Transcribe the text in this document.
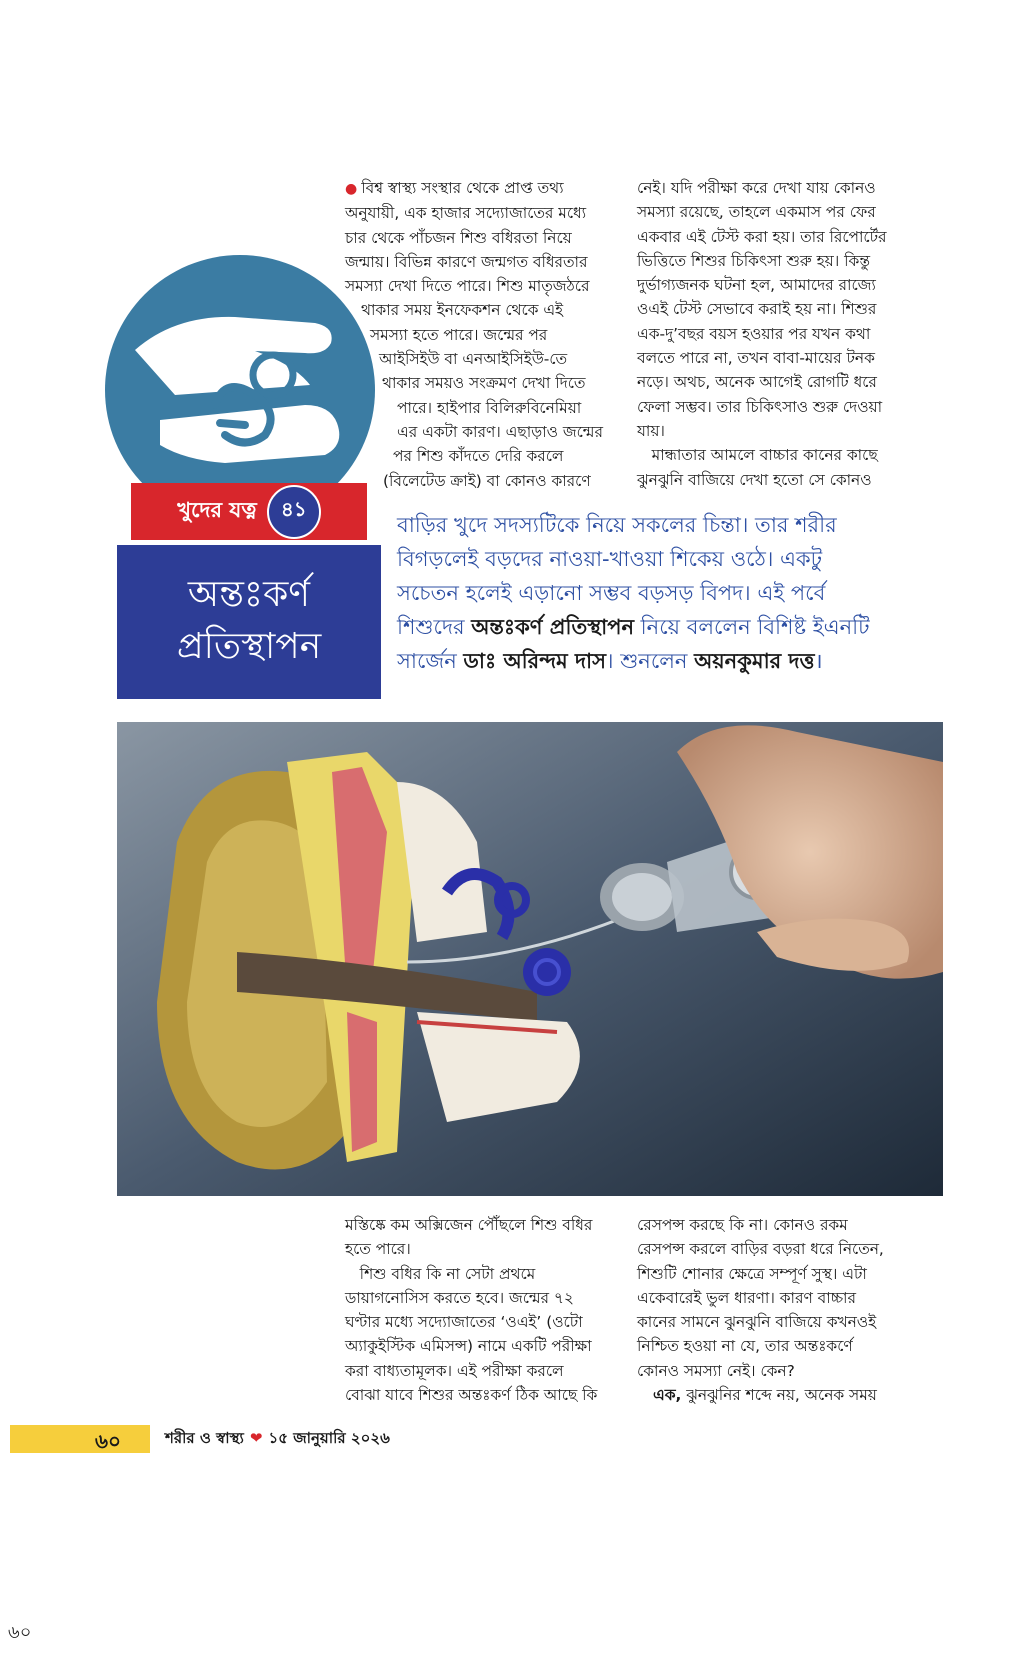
● বিশ্ব স্বাস্থ্য সংস্থার থেকে প্রাপ্ত তথ্য

অনুযায়ী, এক হাজার সদ্যোজাতের মধ্যে

চার থেকে পাঁচজন শিশু বধিরতা নিয়ে

জন্মায়। বিভিন্ন কারণে জন্মগত বধিরতার

সমস্যা দেখা দিতে পারে। শিশু মাতৃজঠরে

থাকার সময় ইনফেকশন থেকে এই

সমস্যা হতে পারে। জন্মের পর

আইসিইউ বা এনআইসিইউ-তে

থাকার সময়ও সংক্রমণ দেখা দিতে

পারে। হাইপার বিলিরুবিনেমিয়া

এর একটা কারণ। এছাড়াও জন্মের

পর শিশু কাঁদতে দেরি করলে

(বিলেটেড ক্রাই) বা কোনও কারণে

নেই। যদি পরীক্ষা করে দেখা যায় কোনও

সমস্যা রয়েছে, তাহলে একমাস পর ফের

একবার এই টেস্ট করা হয়। তার রিপোর্টের

ভিত্তিতে শিশুর চিকিৎসা শুরু হয়। কিন্তু

দুর্ভাগ্যজনক ঘটনা হল, আমাদের রাজ্যে

ওএই টেস্ট সেভাবে করাই হয় না। শিশুর

এক-দু’বছর বয়স হওয়ার পর যখন কথা

বলতে পারে না, তখন বাবা-মায়ের টনক

নড়ে। অথচ, অনেক আগেই রোগটি ধরে

ফেলা সম্ভব। তার চিকিৎসাও শুরু দেওয়া

যায়।

মান্ধাতার আমলে বাচ্চার কানের কাছে

ঝুনঝুনি বাজিয়ে দেখা হতো সে কোনও

খুদের যত্ন	৪১
অন্তঃকর্ণ
প্রতিস্থাপন

বাড়ির খুদে সদস্যটিকে নিয়ে সকলের চিন্তা। তার শরীর

বিগড়লেই বড়দের নাওয়া-খাওয়া শিকেয় ওঠে। একটু

সচেতন হলেই এড়ানো সম্ভব বড়সড় বিপদ। এই পর্বে

শিশুদের অন্তঃকর্ণ প্রতিস্থাপন নিয়ে বললেন বিশিষ্ট ইএনটি

সার্জেন ডাঃ অরিন্দম দাস। শুনলেন অয়নকুমার দত্ত।

মস্তিষ্কে কম অক্সিজেন পৌঁছলে শিশু বধির

হতে পারে।

শিশু বধির কি না সেটা প্রথমে

ডায়াগনোসিস করতে হবে। জন্মের ৭২

ঘণ্টার মধ্যে সদ্যোজাতের ‘ওএই’ (ওটো

অ্যাকুইস্টিক এমিসন্স) নামে একটি পরীক্ষা

করা বাধ্যতামূলক। এই পরীক্ষা করলে

বোঝা যাবে শিশুর অন্তঃকর্ণ ঠিক আছে কি

রেসপন্স করছে কি না। কোনও রকম

রেসপন্স করলে বাড়ির বড়রা ধরে নিতেন,

শিশুটি শোনার ক্ষেত্রে সম্পূর্ণ সুস্থ। এটা

একেবারেই ভুল ধারণা। কারণ বাচ্চার

কানের সামনে ঝুনঝুনি বাজিয়ে কখনওই

নিশ্চিত হওয়া না যে, তার অন্তঃকর্ণে

কোনও সমস্যা নেই। কেন?

এক, ঝুনঝুনির শব্দে নয়, অনেক সময়

৬০	শরীর ও স্বাস্থ্য ❤ ১৫ জানুয়ারি ২০২৬
৬০
